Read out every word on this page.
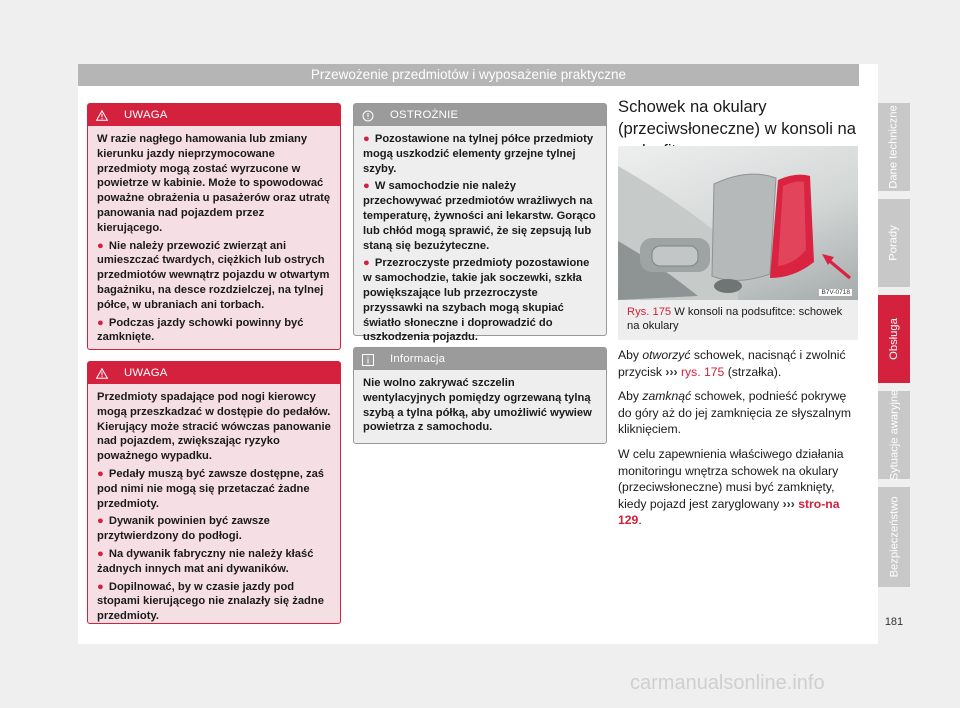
Przewożenie przedmiotów i wyposażenie praktyczne
UWAGA

W razie nagłego hamowania lub zmiany kierunku jazdy nieprzymocowane przedmioty mogą zostać wyrzucone w powietrze w kabinie. Może to spowodować poważne obrażenia u pasażerów oraz utratę panowania nad pojazdem przez kierującego.

● Nie należy przewozić zwierząt ani umieszczać twardych, ciężkich lub ostrych przedmiotów wewnątrz pojazdu w otwartym bagażniku, na desce rozdzielczej, na tylnej półce, w ubraniach ani torbach.

● Podczas jazdy schowki powinny być zamknięte.

UWAGA

Przedmioty spadające pod nogi kierowcy mogą przeszkadzać w dostępie do pedałów. Kierujący może stracić wówczas panowanie nad pojazdem, zwiększając ryzyko poważnego wypadku.

● Pedały muszą być zawsze dostępne, zaś pod nimi nie mogą się przetaczać żadne przedmioty.

● Dywanik powinien być zawsze przytwierdzony do podłogi.

● Na dywanik fabryczny nie należy kłaść żadnych innych mat ani dywaników.

● Dopilnować, by w czasie jazdy pod stopami kierującego nie znalazły się żadne przedmioty.

OSTROŻNIE

● Pozostawione na tylnej półce przedmioty mogą uszkodzić elementy grzejne tylnej szyby.

● W samochodzie nie należy przechowywać przedmiotów wrażliwych na temperaturę, żywności ani lekarstw. Gorąco lub chłód mogą sprawić, że się zepsują lub staną się bezużyteczne.

● Przezroczyste przedmioty pozostawione w samochodzie, takie jak soczewki, szkła powiększające lub przezroczyste przyssawki na szybach mogą skupiać światło słoneczne i doprowadzić do uszkodzenia pojazdu.

Informacja

Nie wolno zakrywać szczelin wentylacyjnych pomiędzy ogrzewaną tylną szybą a tylna półką, aby umożliwić wywiew powietrza z samochodu.

Schowek na okulary (przeciwsłoneczne) w konsoli na
B7V-0718
Rys. 175 W konsoli na podsufitce: schowek na okulary

Aby otworzyć schowek, nacisnąć i zwolnić przycisk ››› rys. 175 (strzałka).

Aby zamknąć schowek, podnieść pokrywę do góry aż do jej zamknięcia ze słyszalnym kliknięciem.

W celu zapewnienia właściwego działania monitoringu wnętrza schowek na okulary (przeciwsłoneczne) musi być zamknięty, kiedy pojazd jest zaryglowany ››› stro-na 129.

Dane techniczne
Porady
Obsługa
Sytuacje awaryjne
Bezpieczeństwo
181
carmanualsonline.info
